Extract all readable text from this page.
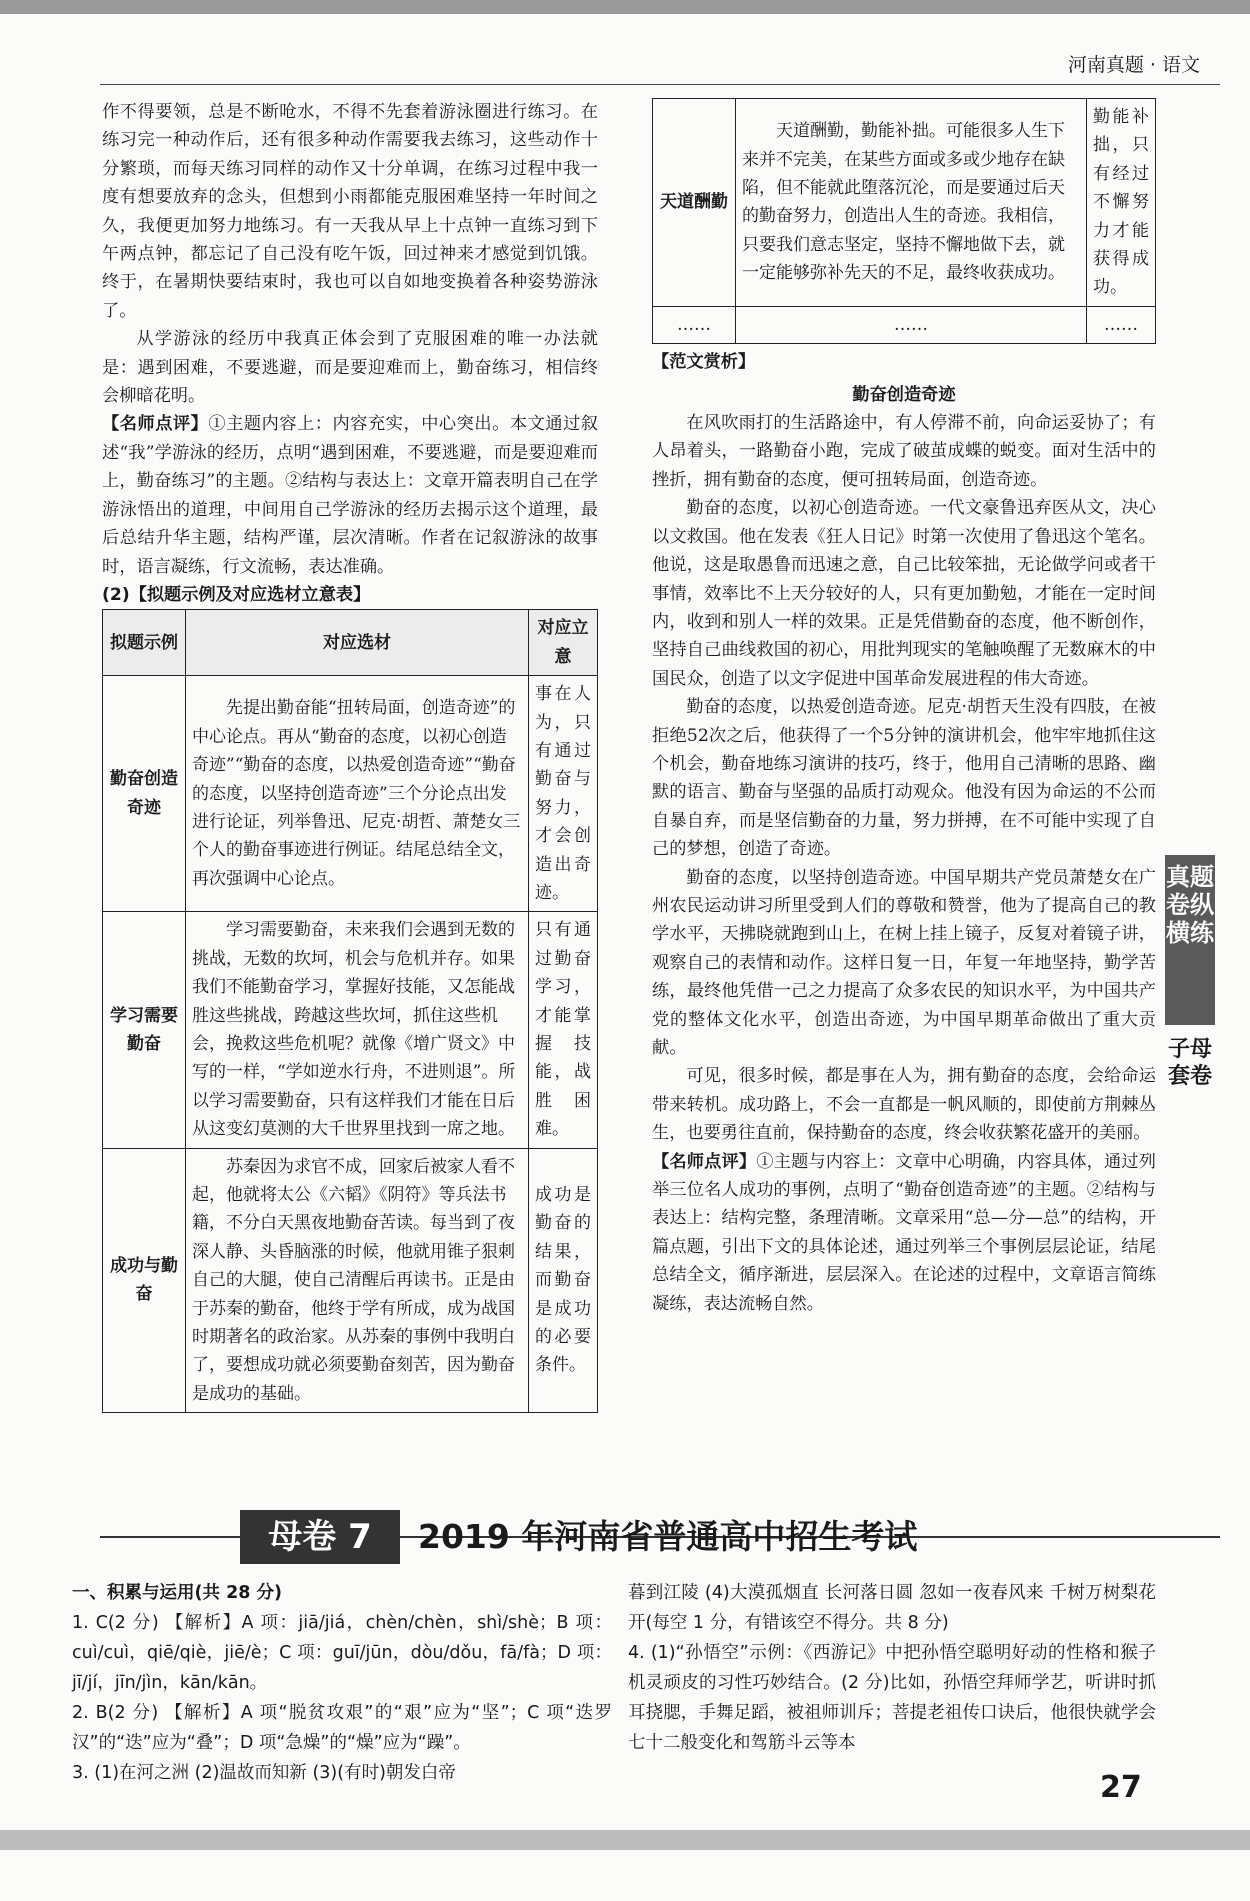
河南真题 · 语文

作不得要领，总是不断呛水，不得不先套着游泳圈进行练习。在练习完一种动作后，还有很多种动作需要我去练习，这些动作十分繁琐，而每天练习同样的动作又十分单调，在练习过程中我一度有想要放弃的念头，但想到小雨都能克服困难坚持一年时间之久，我便更加努力地练习。有一天我从早上十点钟一直练习到下午两点钟，都忘记了自己没有吃午饭，回过神来才感觉到饥饿。终于，在暑期快要结束时，我也可以自如地变换着各种姿势游泳了。

从学游泳的经历中我真正体会到了克服困难的唯一办法就是：遇到困难，不要逃避，而是要迎难而上，勤奋练习，相信终会柳暗花明。

【名师点评】①主题内容上：内容充实，中心突出。本文通过叙述“我”学游泳的经历，点明“遇到困难，不要逃避，而是要迎难而上，勤奋练习”的主题。②结构与表达上：文章开篇表明自己在学游泳悟出的道理，中间用自己学游泳的经历去揭示这个道理，最后总结升华主题，结构严谨，层次清晰。作者在记叙游泳的故事时，语言凝练，行文流畅，表达准确。

(2)【拟题示例及对应选材立意表】

拟题示例	对应选材	对应立意
勤奋创造奇迹	先提出勤奋能“扭转局面，创造奇迹”的中心论点。再从“勤奋的态度，以初心创造奇迹”“勤奋的态度，以热爱创造奇迹”“勤奋的态度，以坚持创造奇迹”三个分论点出发进行论证，列举鲁迅、尼克·胡哲、萧楚女三个人的勤奋事迹进行例证。结尾总结全文，再次强调中心论点。	事在人为，只有通过勤奋与努力，才会创造出奇迹。
学习需要勤奋	学习需要勤奋，未来我们会遇到无数的挑战，无数的坎坷，机会与危机并存。如果我们不能勤奋学习，掌握好技能，又怎能战胜这些挑战，跨越这些坎坷，抓住这些机会，挽救这些危机呢？就像《增广贤文》中写的一样，“学如逆水行舟，不进则退”。所以学习需要勤奋，只有这样我们才能在日后从这变幻莫测的大千世界里找到一席之地。	只有通过勤奋学习，才能掌握技能，战胜困难。
成功与勤奋	苏秦因为求官不成，回家后被家人看不起，他就将太公《六韬》《阴符》等兵法书籍，不分白天黑夜地勤奋苦读。每当到了夜深人静、头昏脑涨的时候，他就用锥子狠刺自己的大腿，使自己清醒后再读书。正是由于苏秦的勤奋，他终于学有所成，成为战国时期著名的政治家。从苏秦的事例中我明白了，要想成功就必须要勤奋刻苦，因为勤奋是成功的基础。	成功是勤奋的结果，而勤奋是成功的必要条件。
天道酬勤	天道酬勤，勤能补拙。可能很多人生下来并不完美，在某些方面或多或少地存在缺陷，但不能就此堕落沉沦，而是要通过后天的勤奋努力，创造出人生的奇迹。我相信，只要我们意志坚定，坚持不懈地做下去，就一定能够弥补先天的不足，最终收获成功。	勤能补拙，只有经过不懈努力才能获得成功。
……	……	……

【范文赏析】

勤奋创造奇迹

在风吹雨打的生活路途中，有人停滞不前，向命运妥协了；有人昂着头，一路勤奋小跑，完成了破茧成蝶的蜕变。面对生活中的挫折，拥有勤奋的态度，便可扭转局面，创造奇迹。

勤奋的态度，以初心创造奇迹。一代文豪鲁迅弃医从文，决心以文救国。他在发表《狂人日记》时第一次使用了鲁迅这个笔名。他说，这是取愚鲁而迅速之意，自己比较笨拙，无论做学问或者干事情，效率比不上天分较好的人，只有更加勤勉，才能在一定时间内，收到和别人一样的效果。正是凭借勤奋的态度，他不断创作，坚持自己曲线救国的初心，用批判现实的笔触唤醒了无数麻木的中国民众，创造了以文字促进中国革命发展进程的伟大奇迹。

勤奋的态度，以热爱创造奇迹。尼克·胡哲天生没有四肢，在被拒绝52次之后，他获得了一个5分钟的演讲机会，他牢牢地抓住这个机会，勤奋地练习演讲的技巧，终于，他用自己清晰的思路、幽默的语言、勤奋与坚强的品质打动观众。他没有因为命运的不公而自暴自弃，而是坚信勤奋的力量，努力拼搏，在不可能中实现了自己的梦想，创造了奇迹。

勤奋的态度，以坚持创造奇迹。中国早期共产党员萧楚女在广州农民运动讲习所里受到人们的尊敬和赞誉，他为了提高自己的教学水平，天拂晓就跑到山上，在树上挂上镜子，反复对着镜子讲，观察自己的表情和动作。这样日复一日，年复一年地坚持，勤学苦练，最终他凭借一己之力提高了众多农民的知识水平，为中国共产党的整体文化水平，创造出奇迹，为中国早期革命做出了重大贡献。

可见，很多时候，都是事在人为，拥有勤奋的态度，会给命运带来转机。成功路上，不会一直都是一帆风顺的，即使前方荆棘丛生，也要勇往直前，保持勤奋的态度，终会收获繁花盛开的美丽。

【名师点评】①主题与内容上：文章中心明确，内容具体，通过列举三位名人成功的事例，点明了“勤奋创造奇迹”的主题。②结构与表达上：结构完整，条理清晰。文章采用“总—分—总”的结构，开篇点题，引出下文的具体论述，通过列举三个事例层层论证，结尾总结全文，循序渐进，层层深入。在论述的过程中，文章语言简练凝练，表达流畅自然。

真题卷纵横练
子母套卷
母卷 7	2019 年河南省普通高中招生考试

一、积累与运用(共 28 分)

1. C(2 分) 【解析】A 项：jiā/jiá，chèn/chèn，shì/shè；B 项：cuì/cuì，qiē/qiè，jiē/è；C 项：guī/jūn，dòu/dǒu，fā/fà；D 项：jī/jí，jīn/jìn，kān/kān。

2. B(2 分) 【解析】A 项“脱贫攻艰”的“艰”应为“坚”；C 项“迭罗汉”的“迭”应为“叠”；D 项“急燥”的“燥”应为“躁”。

3. (1)在河之洲 (2)温故而知新 (3)(有时)朝发白帝

暮到江陵 (4)大漠孤烟直 长河落日圆 忽如一夜春风来 千树万树梨花开(每空 1 分，有错该空不得分。共 8 分)

4. (1)“孙悟空”示例：《西游记》中把孙悟空聪明好动的性格和猴子机灵顽皮的习性巧妙结合。(2 分)比如，孙悟空拜师学艺，听讲时抓耳挠腮，手舞足蹈，被祖师训斥；菩提老祖传口诀后，他很快就学会七十二般变化和驾筋斗云等本

27
